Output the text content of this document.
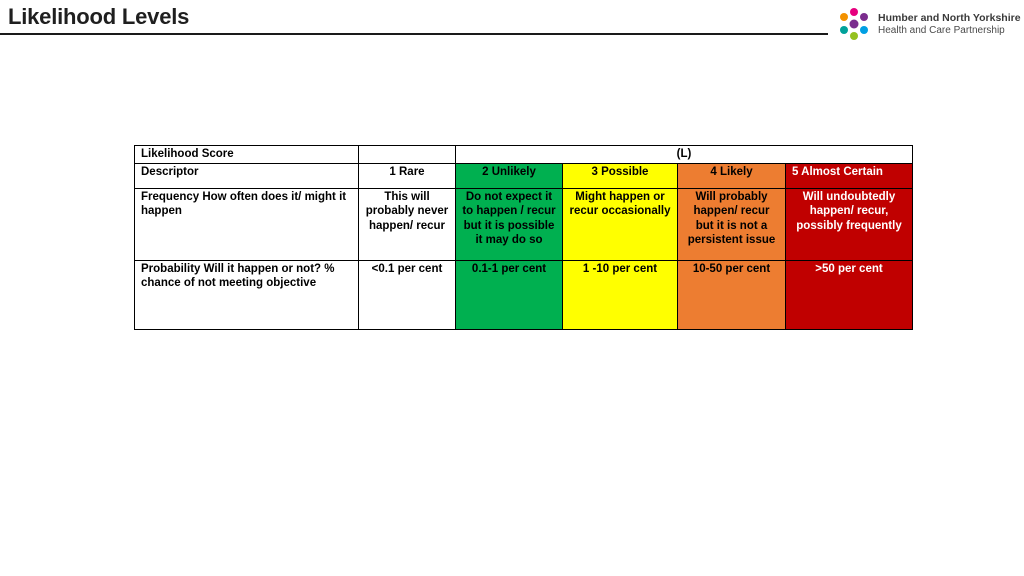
Likelihood Levels	Humber and North Yorkshire
Health and Care Partnership
Likelihood Score		(L)			
Descriptor	1 Rare	2 Unlikely	3 Possible	4 Likely	5 Almost Certain
Frequency How often does it/ might it happen	This will probably never happen/ recur	Do not expect it to happen / recur but it is possible it may do so	Might happen or recur occasionally	Will probably happen/ recur but it is not a persistent issue	Will undoubtedly happen/ recur, possibly frequently
Probability Will it happen or not? % chance of not meeting objective	<0.1 per cent	0.1-1 per cent	1 -10 per cent	10-50 per cent	>50 per cent
